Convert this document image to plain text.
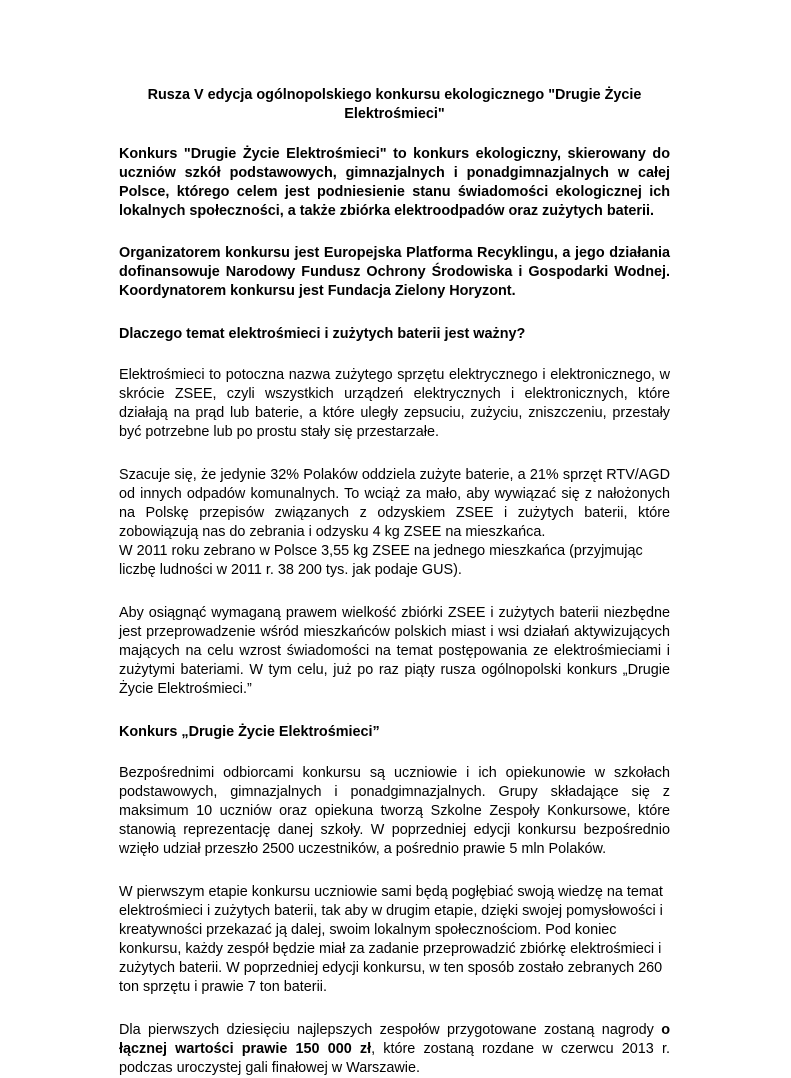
Rusza V edycja ogólnopolskiego konkursu ekologicznego "Drugie Życie Elektrośmieci"

Konkurs "Drugie Życie Elektrośmieci" to konkurs ekologiczny, skierowany do uczniów szkół podstawowych, gimnazjalnych i ponadgimnazjalnych w całej Polsce, którego celem jest podniesienie stanu świadomości ekologicznej ich lokalnych społeczności, a także zbiórka elektroodpadów oraz zużytych baterii.

Organizatorem konkursu jest Europejska Platforma Recyklingu, a jego działania dofinansowuje Narodowy Fundusz Ochrony Środowiska i Gospodarki Wodnej. Koordynatorem konkursu jest Fundacja Zielony Horyzont.

Dlaczego temat elektrośmieci i zużytych baterii jest ważny?

Elektrośmieci to potoczna nazwa zużytego sprzętu elektrycznego i elektronicznego, w skrócie ZSEE, czyli wszystkich urządzeń elektrycznych i elektronicznych, które działają na prąd lub baterie, a które uległy zepsuciu, zużyciu, zniszczeniu, przestały być potrzebne lub po prostu stały się przestarzałe.

Szacuje się, że jedynie 32% Polaków oddziela zużyte baterie, a 21% sprzęt RTV/AGD od innych odpadów komunalnych. To wciąż za mało, aby wywiązać się z nałożonych na Polskę przepisów związanych z odzyskiem ZSEE i zużytych baterii, które zobowiązują nas do zebrania i odzysku 4 kg ZSEE na mieszkańca.

W 2011 roku zebrano w Polsce 3,55 kg ZSEE na jednego mieszkańca (przyjmując liczbę ludności w 2011 r. 38 200 tys. jak podaje GUS).

Aby osiągnąć wymaganą prawem wielkość zbiórki ZSEE i zużytych baterii niezbędne jest przeprowadzenie wśród mieszkańców polskich miast i wsi działań aktywizujących mających na celu wzrost świadomości na temat postępowania ze elektrośmieciami i zużytymi bateriami. W tym celu, już po raz piąty rusza ogólnopolski konkurs „Drugie Życie Elektrośmieci.”

Konkurs „Drugie Życie Elektrośmieci”

Bezpośrednimi odbiorcami konkursu są uczniowie i ich opiekunowie w szkołach podstawowych, gimnazjalnych i ponadgimnazjalnych. Grupy składające się z maksimum 10 uczniów oraz opiekuna tworzą Szkolne Zespoły Konkursowe, które stanowią reprezentację danej szkoły. W poprzedniej edycji konkursu bezpośrednio wzięło udział przeszło 2500 uczestników, a pośrednio prawie 5 mln Polaków.

W pierwszym etapie konkursu uczniowie sami będą pogłębiać swoją wiedzę na temat elektrośmieci i zużytych baterii, tak aby w drugim etapie, dzięki swojej pomysłowości i kreatywności przekazać ją dalej, swoim lokalnym społecznościom. Pod koniec konkursu, każdy zespół będzie miał za zadanie przeprowadzić zbiórkę elektrośmieci i zużytych baterii. W poprzedniej edycji konkursu, w ten sposób zostało zebranych 260 ton sprzętu i prawie 7 ton baterii.

Dla pierwszych dziesięciu najlepszych zespołów przygotowane zostaną nagrody o łącznej wartości prawie 150 000 zł, które zostaną rozdane w czerwcu 2013 r. podczas uroczystej gali finałowej w Warszawie.
